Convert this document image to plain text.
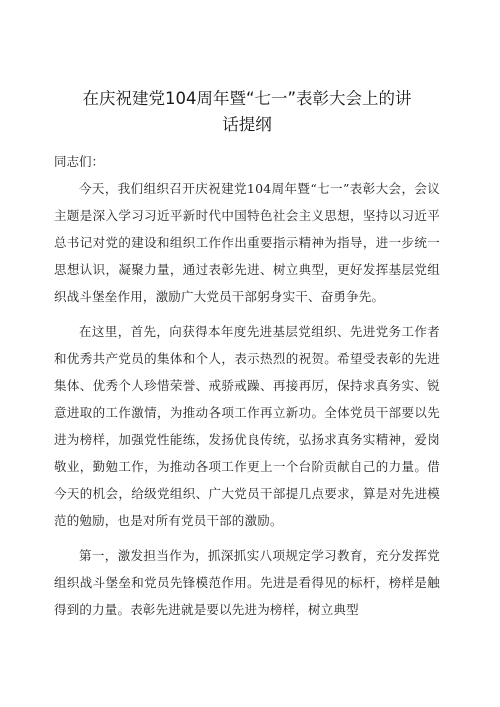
在庆祝建党104周年暨“七一”表彰大会上的讲
话提纲

同志们：

今天，我们组织召开庆祝建党104周年暨“七一”表彰大会，会议主题是深入学习习近平新时代中国特色社会主义思想，坚持以习近平总书记对党的建设和组织工作作出重要指示精神为指导，进一步统一思想认识，凝聚力量，通过表彰先进、树立典型，更好发挥基层党组织战斗堡垒作用，激励广大党员干部躬身实干、奋勇争先。

在这里，首先，向获得本年度先进基层党组织、先进党务工作者和优秀共产党员的集体和个人，表示热烈的祝贺。希望受表彰的先进集体、优秀个人珍惜荣誉、戒骄戒躁、再接再厉，保持求真务实、锐意进取的工作激情，为推动各项工作再立新功。全体党员干部要以先进为榜样，加强党性能练，发扬优良传统，弘扬求真务实精神，爱岗敬业，勤勉工作，为推动各项工作更上一个台阶贡献自己的力量。借今天的机会，给级党组织、广大党员干部提几点要求，算是对先进模范的勉励，也是对所有党员干部的激励。

第一，激发担当作为，抓深抓实八项规定学习教育，充分发挥党组织战斗堡垒和党员先锋模范作用。先进是看得见的标杆，榜样是触得到的力量。表彰先进就是要以先进为榜样，树立典型
